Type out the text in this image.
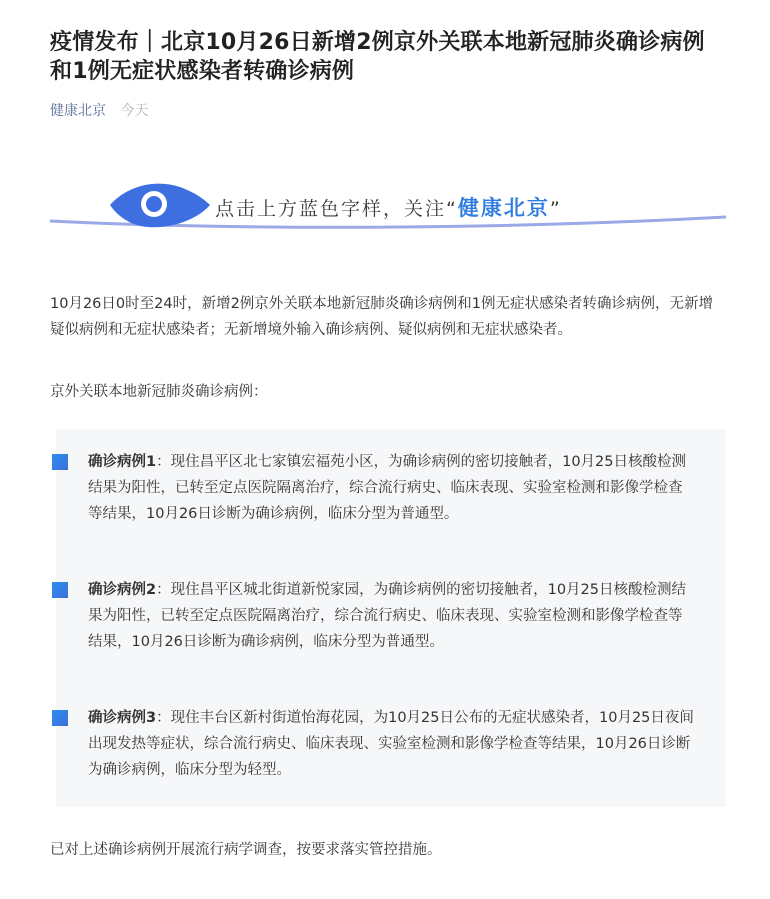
疫情发布｜北京10月26日新增2例京外关联本地新冠肺炎确诊病例和1例无症状感染者转确诊病例
健康北京 今天
点击上方蓝色字样，关注“健康北京”

10月26日0时至24时，新增2例京外关联本地新冠肺炎确诊病例和1例无症状感染者转确诊病例，无新增疑似病例和无症状感染者；无新增境外输入确诊病例、疑似病例和无症状感染者。

京外关联本地新冠肺炎确诊病例：

确诊病例1：现住昌平区北七家镇宏福苑小区，为确诊病例的密切接触者，10月25日核酸检测结果为阳性，已转至定点医院隔离治疗，综合流行病史、临床表现、实验室检测和影像学检查等结果，10月26日诊断为确诊病例，临床分型为普通型。
确诊病例2：现住昌平区城北街道新悦家园，为确诊病例的密切接触者，10月25日核酸检测结果为阳性，已转至定点医院隔离治疗，综合流行病史、临床表现、实验室检测和影像学检查等结果，10月26日诊断为确诊病例，临床分型为普通型。
确诊病例3：现住丰台区新村街道怡海花园，为10月25日公布的无症状感染者，10月25日夜间出现发热等症状，综合流行病史、临床表现、实验室检测和影像学检查等结果，10月26日诊断为确诊病例，临床分型为轻型。

已对上述确诊病例开展流行病学调查，按要求落实管控措施。
